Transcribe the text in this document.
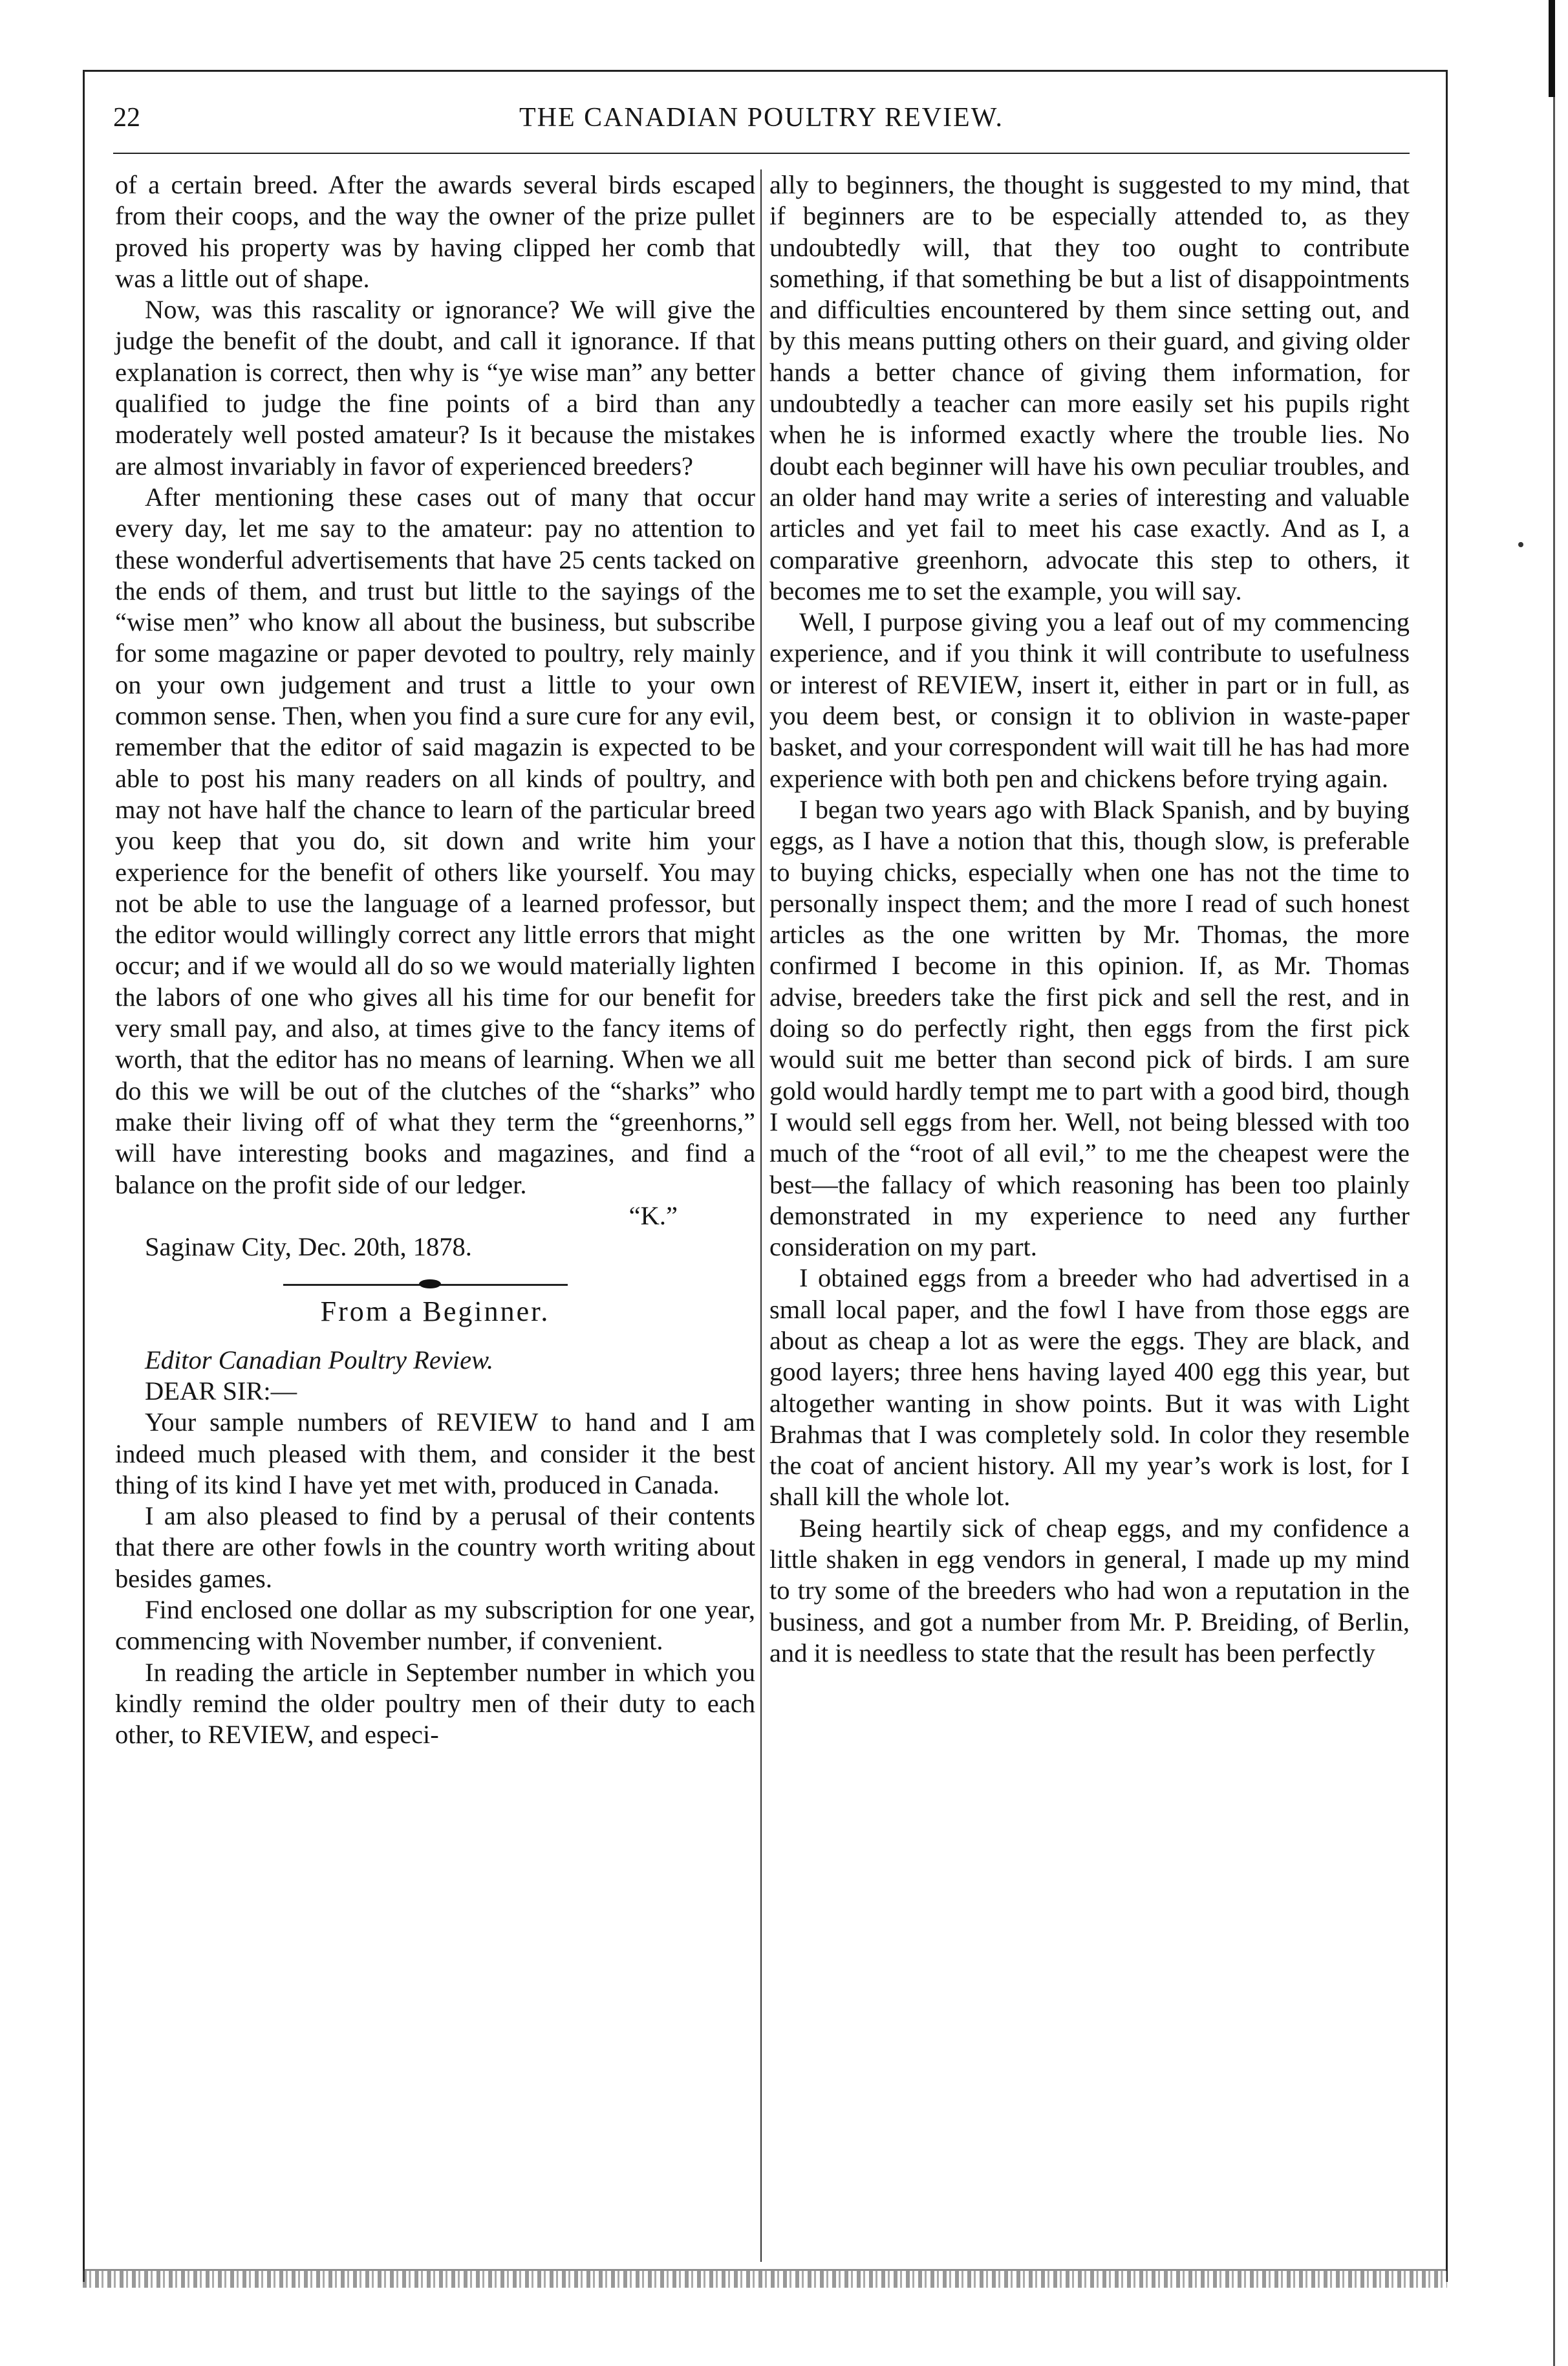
22	THE CANADIAN POULTRY REVIEW.

of a certain breed. After the awards several birds escaped from their coops, and the way the owner of the prize pullet proved his property was by having clipped her comb that was a little out of shape.

Now, was this rascality or ignorance? We will give the judge the benefit of the doubt, and call it ignorance. If that explanation is correct, then why is “ye wise man” any better qualified to judge the fine points of a bird than any moderately well posted amateur? Is it because the mistakes are almost invariably in favor of experienced breeders?

After mentioning these cases out of many that occur every day, let me say to the amateur: pay no attention to these wonderful advertisements that have 25 cents tacked on the ends of them, and trust but little to the sayings of the “wise men” who know all about the business, but subscribe for some magazine or paper devoted to poultry, rely mainly on your own judgement and trust a little to your own common sense. Then, when you find a sure cure for any evil, remember that the editor of said magazin is expected to be able to post his many readers on all kinds of poultry, and may not have half the chance to learn of the particular breed you keep that you do, sit down and write him your experience for the benefit of others like yourself. You may not be able to use the language of a learned professor, but the editor would willingly correct any little errors that might occur; and if we would all do so we would materially lighten the labors of one who gives all his time for our benefit for very small pay, and also, at times give to the fancy items of worth, that the editor has no means of learning. When we all do this we will be out of the clutches of the “sharks” who make their living off of what they term the “greenhorns,” will have interesting books and magazines, and find a balance on the profit side of our ledger.

“K.”

Saginaw City, Dec. 20th, 1878.

From a Beginner.

Editor Canadian Poultry Review.

DEAR SIR:—

Your sample numbers of REVIEW to hand and I am indeed much pleased with them, and consider it the best thing of its kind I have yet met with, produced in Canada.

I am also pleased to find by a perusal of their contents that there are other fowls in the country worth writing about besides games.

Find enclosed one dollar as my subscription for one year, commencing with November number, if convenient.

In reading the article in September number in which you kindly remind the older poultry men of their duty to each other, to REVIEW, and especi-

ally to beginners, the thought is suggested to my mind, that if beginners are to be especially attended to, as they undoubtedly will, that they too ought to contribute something, if that something be but a list of disappointments and difficulties encountered by them since setting out, and by this means putting others on their guard, and giving older hands a better chance of giving them information, for undoubtedly a teacher can more easily set his pupils right when he is informed exactly where the trouble lies. No doubt each beginner will have his own peculiar troubles, and an older hand may write a series of interesting and valuable articles and yet fail to meet his case exactly. And as I, a comparative greenhorn, advocate this step to others, it becomes me to set the example, you will say.

Well, I purpose giving you a leaf out of my commencing experience, and if you think it will contribute to usefulness or interest of REVIEW, insert it, either in part or in full, as you deem best, or consign it to oblivion in waste-paper basket, and your correspondent will wait till he has had more experience with both pen and chickens before trying again.

I began two years ago with Black Spanish, and by buying eggs, as I have a notion that this, though slow, is preferable to buying chicks, especially when one has not the time to personally inspect them; and the more I read of such honest articles as the one written by Mr. Thomas, the more confirmed I become in this opinion. If, as Mr. Thomas advise, breeders take the first pick and sell the rest, and in doing so do perfectly right, then eggs from the first pick would suit me better than second pick of birds. I am sure gold would hardly tempt me to part with a good bird, though I would sell eggs from her. Well, not being blessed with too much of the “root of all evil,” to me the cheapest were the best—the fallacy of which reasoning has been too plainly demonstrated in my experience to need any further consideration on my part.

I obtained eggs from a breeder who had advertised in a small local paper, and the fowl I have from those eggs are about as cheap a lot as were the eggs. They are black, and good layers; three hens having layed 400 egg this year, but altogether wanting in show points. But it was with Light Brahmas that I was completely sold. In color they resemble the coat of ancient history. All my year’s work is lost, for I shall kill the whole lot.

Being heartily sick of cheap eggs, and my confidence a little shaken in egg vendors in general, I made up my mind to try some of the breeders who had won a reputation in the business, and got a number from Mr. P. Breiding, of Berlin, and it is needless to state that the result has been perfectly
